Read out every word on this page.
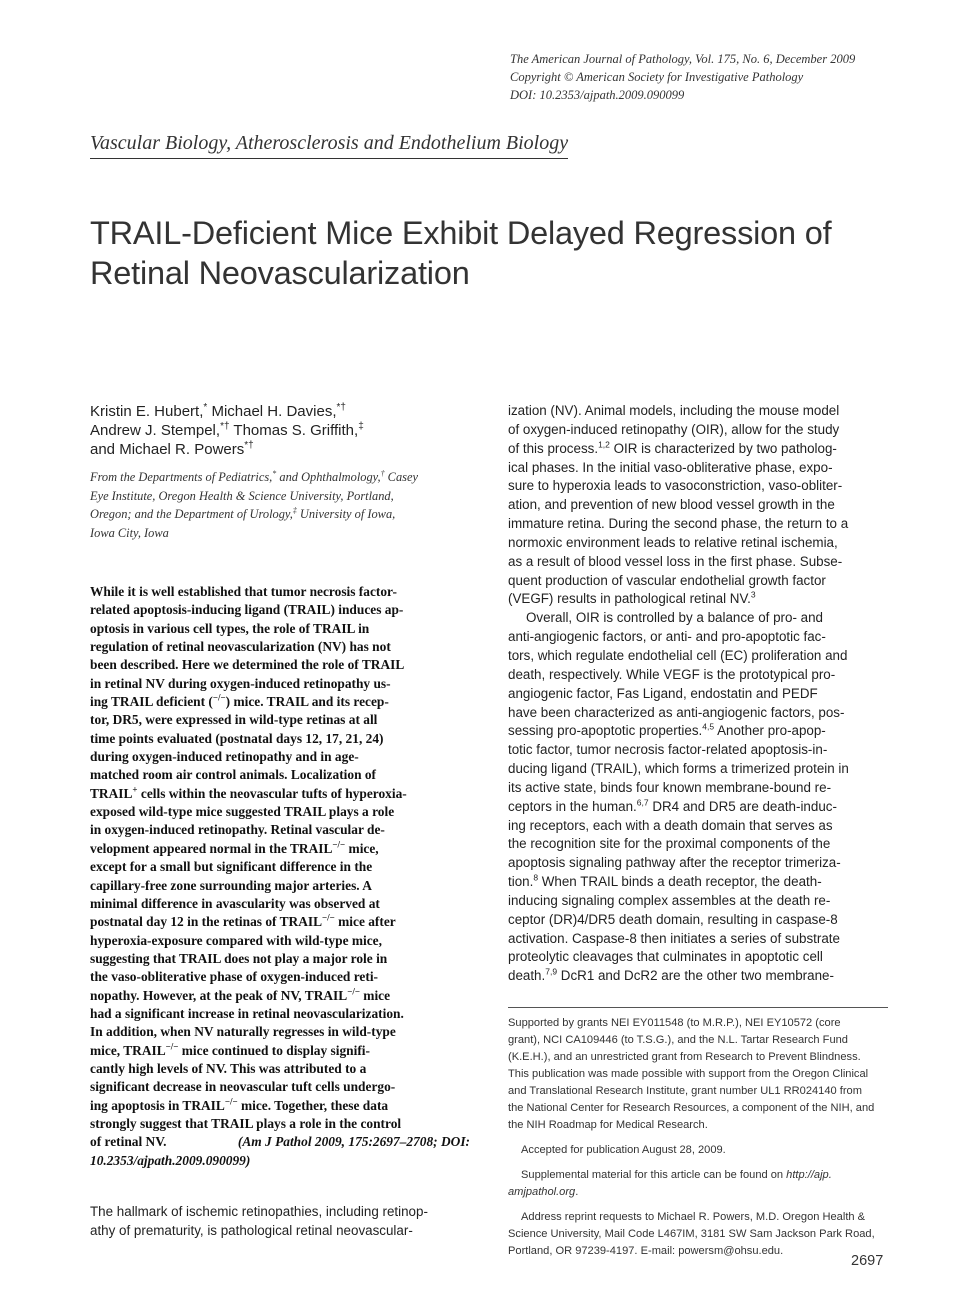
The American Journal of Pathology, Vol. 175, No. 6, December 2009
Copyright © American Society for Investigative Pathology
DOI: 10.2353/ajpath.2009.090099
Vascular Biology, Atherosclerosis and Endothelium Biology
TRAIL-Deficient Mice Exhibit Delayed Regression of
Retinal Neovascularization
Kristin E. Hubert,* Michael H. Davies,*†
Andrew J. Stempel,*† Thomas S. Griffith,‡
and Michael R. Powers*†
From the Departments of Pediatrics,* and Ophthalmology,† Casey
Eye Institute, Oregon Health & Science University, Portland,
Oregon; and the Department of Urology,‡ University of Iowa,
Iowa City, Iowa
While it is well established that tumor necrosis factor-
related apoptosis-inducing ligand (TRAIL) induces ap-
optosis in various cell types, the role of TRAIL in
regulation of retinal neovascularization (NV) has not
been described. Here we determined the role of TRAIL
in retinal NV during oxygen-induced retinopathy us-
ing TRAIL deficient (−/−) mice. TRAIL and its recep-
tor, DR5, were expressed in wild-type retinas at all
time points evaluated (postnatal days 12, 17, 21, 24)
during oxygen-induced retinopathy and in age-
matched room air control animals. Localization of
TRAIL+ cells within the neovascular tufts of hyperoxia-
exposed wild-type mice suggested TRAIL plays a role
in oxygen-induced retinopathy. Retinal vascular de-
velopment appeared normal in the TRAIL−/− mice,
except for a small but significant difference in the
capillary-free zone surrounding major arteries. A
minimal difference in avascularity was observed at
postnatal day 12 in the retinas of TRAIL−/− mice after
hyperoxia-exposure compared with wild-type mice,
suggesting that TRAIL does not play a major role in
the vaso-obliterative phase of oxygen-induced reti-
nopathy. However, at the peak of NV, TRAIL−/− mice
had a significant increase in retinal neovascularization.
In addition, when NV naturally regresses in wild-type
mice, TRAIL−/− mice continued to display signifi-
cantly high levels of NV. This was attributed to a
significant decrease in neovascular tuft cells undergo-
ing apoptosis in TRAIL−/− mice. Together, these data
strongly suggest that TRAIL plays a role in the control
of retinal NV.	(Am J Pathol 2009, 175:2697–2708; DOI:
10.2353/ajpath.2009.090099)
The hallmark of ischemic retinopathies, including retinop-
athy of prematurity, is pathological retinal neovascular-
ization (NV). Animal models, including the mouse model
of oxygen-induced retinopathy (OIR), allow for the study
of this process.$^{1,2}$ OIR is characterized by two patholog-
ical phases. In the initial vaso-obliterative phase, expo-
sure to hyperoxia leads to vasoconstriction, vaso-obliter-
ation, and prevention of new blood vessel growth in the
immature retina. During the second phase, the return to a
normoxic environment leads to relative retinal ischemia,
as a result of blood vessel loss in the first phase. Subse-
quent production of vascular endothelial growth factor
(VEGF) results in pathological retinal NV.$^3$
Overall, OIR is controlled by a balance of pro- and
anti-angiogenic factors, or anti- and pro-apoptotic fac-
tors, which regulate endothelial cell (EC) proliferation and
death, respectively. While VEGF is the prototypical pro-
angiogenic factor, Fas Ligand, endostatin and PEDF
have been characterized as anti-angiogenic factors, pos-
sessing pro-apoptotic properties.$^{4,5}$ Another pro-apop-
totic factor, tumor necrosis factor-related apoptosis-in-
ducing ligand (TRAIL), which forms a trimerized protein in
its active state, binds four known membrane-bound re-
ceptors in the human.$^{6,7}$ DR4 and DR5 are death-induc-
ing receptors, each with a death domain that serves as
the recognition site for the proximal components of the
apoptosis signaling pathway after the receptor trimeriza-
tion.$^8$ When TRAIL binds a death receptor, the death-
inducing signaling complex assembles at the death re-
ceptor (DR)4/DR5 death domain, resulting in caspase-8
activation. Caspase-8 then initiates a series of substrate
proteolytic cleavages that culminates in apoptotic cell
death.$^{7,9}$ DcR1 and DcR2 are the other two membrane-
Supported by grants NEI EY011548 (to M.R.P.), NEI EY10572 (core
grant), NCI CA109446 (to T.S.G.), and the N.L. Tartar Research Fund
(K.E.H.), and an unrestricted grant from Research to Prevent Blindness.
This publication was made possible with support from the Oregon Clinical
and Translational Research Institute, grant number UL1 RR024140 from
the National Center for Research Resources, a component of the NIH, and
the NIH Roadmap for Medical Research.
Accepted for publication August 28, 2009.
Supplemental material for this article can be found on http://ajp.
amjpathol.org.
Address reprint requests to Michael R. Powers, M.D. Oregon Health &
Science University, Mail Code L467IM, 3181 SW Sam Jackson Park Road,
Portland, OR 97239-4197. E-mail: powersm@ohsu.edu.
2697
